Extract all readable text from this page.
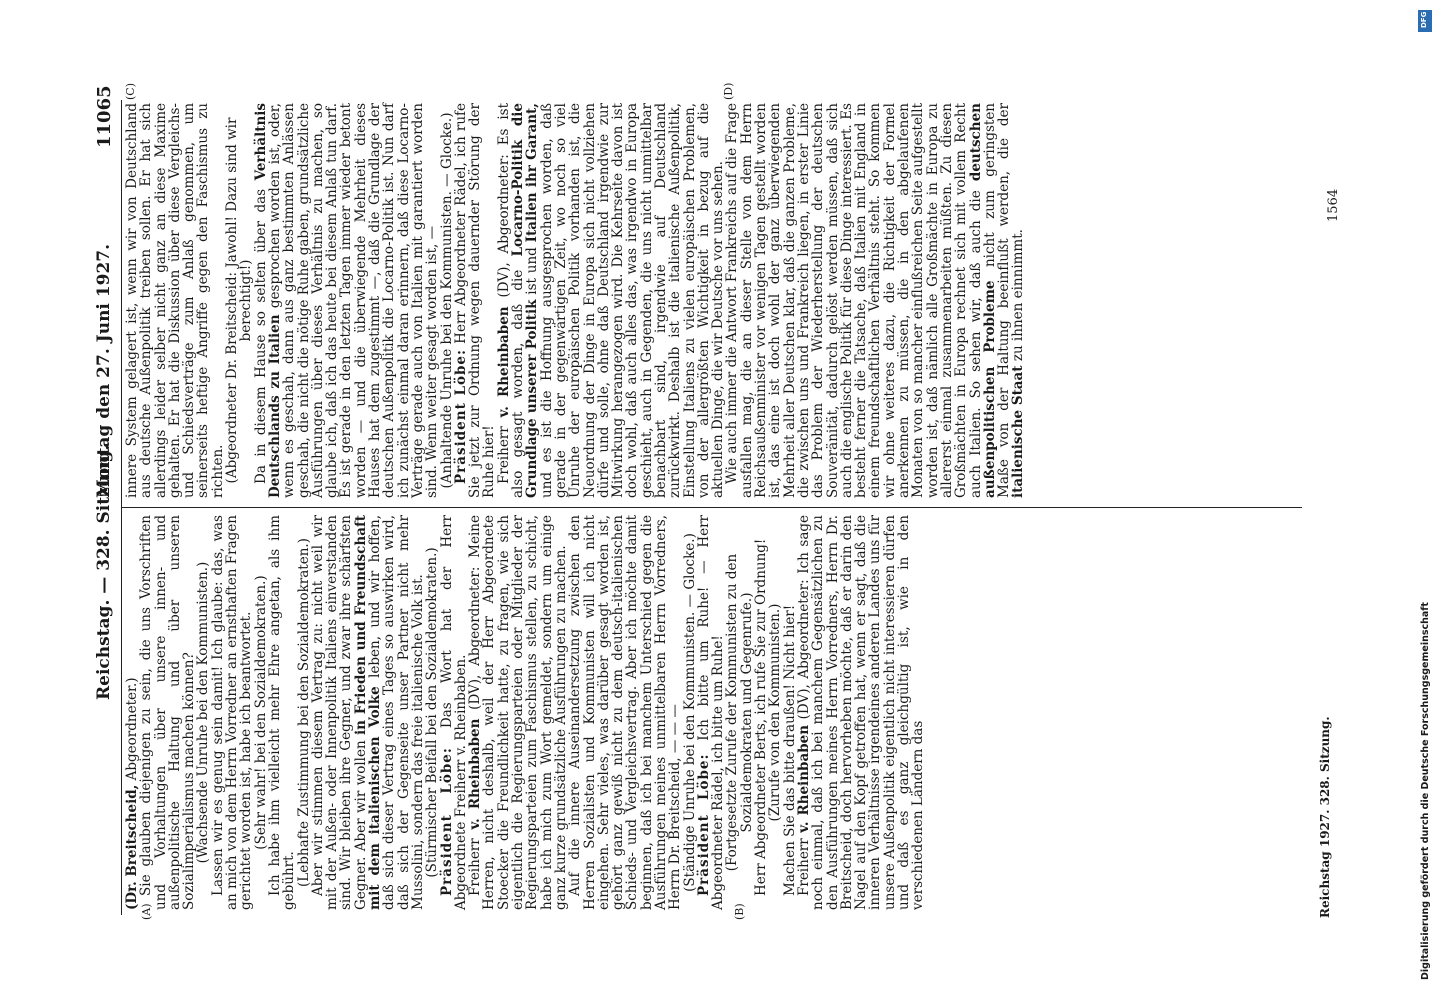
Reichstag. — 328. Sitzung.
Montag den 27. Juni 1927.
11065
(A)	(B)
(C)	(D)

(Dr. Breitscheid, Abgeordneter.)

Sie glauben diejenigen zu sein, die uns Vorschriften und Vorhaltungen über unsere innen- und außenpolitische Haltung und über unseren Sozialimperialismus machen können?

(Wachsende Unruhe bei den Kommunisten.)

Lassen wir es genug sein damit! Ich glaube: das, was an mich von dem Herrn Vorredner an ernsthaften Fragen gerichtet worden ist, habe ich beantwortet.

(Sehr wahr! bei den Sozialdemokraten.)

Ich habe ihm vielleicht mehr Ehre angetan, als ihm gebührt.

(Lebhafte Zustimmung bei den Sozialdemokraten.)

Aber wir stimmen diesem Vertrag zu: nicht weil wir mit der Außen- oder Innenpolitik Italiens einverstanden sind. Wir bleiben ihre Gegner, und zwar ihre schärfsten Gegner. Aber wir wollen in Frieden und Freundschaft mit dem italienischen Volke leben, und wir hoffen, daß sich dieser Vertrag eines Tages so auswirken wird, daß sich der Gegenseite unser Partner nicht mehr Mussolini, sondern das freie italienische Volk ist.

(Stürmischer Beifall bei den Sozialdemokraten.)

Präsident Löbe: Das Wort hat der Herr Abgeordnete Freiherr v. Rheinbaben.

Freiherr v. Rheinbaben (DV), Abgeordneter: Meine Herren, nicht deshalb, weil der Herr Abgeordnete Stoecker die Freundlichkeit hatte, zu fragen, wie sich eigentlich die Regierungsparteien oder Mitglieder der Regierungsparteien zum Faschismus stellen, zu schicht, habe ich mich zum Wort gemeldet, sondern um einige ganz kurze grundsätzliche Ausführungen zu machen.

Auf die innere Auseinandersetzung zwischen den Herren Sozialisten und Kommunisten will ich nicht eingehen. Sehr vieles, was darüber gesagt worden ist, gehört ganz gewiß nicht zu dem deutsch-italienischen Schieds- und Vergleichsvertrag. Aber ich möchte damit beginnen, daß ich bei manchem Unterschied gegen die Ausführungen meines unmittelbaren Herrn Vorredners, Herrn Dr. Breitscheid, — — —

(Ständige Unruhe bei den Kommunisten. — Glocke.)

Präsident Löbe: Ich bitte um Ruhe! — Herr Abgeordneter Rädel, ich bitte um Ruhe!

(Fortgesetzte Zurufe der Kommunisten zu den Sozialdemokraten und Gegenrufe.)

Herr Abgeordneter Berts, ich rufe Sie zur Ordnung!

(Zurufe von den Kommunisten.)

Machen Sie das bitte draußen! Nicht hier!

Freiherr v. Rheinbaben (DV), Abgeordneter: Ich sage noch einmal, daß ich bei manchem Gegensätzlichen zu den Ausführungen meines Herrn Vorredners, Herrn Dr. Breitscheid, doch hervorheben möchte, daß er darin den Nagel auf den Kopf getroffen hat, wenn er sagt, daß die inneren Verhältnisse irgendeines anderen Landes uns für unsere Außenpolitik eigentlich nicht interessieren dürfen und daß es ganz gleichgültig ist, wie in den verschiedenen Ländern das

innere System gelagert ist, wenn wir von Deutschland aus deutsche Außenpolitik treiben sollen. Er hat sich allerdings leider selber nicht ganz an diese Maxime gehalten. Er hat die Diskussion über diese Vergleichs- und Schiedsverträge zum Anlaß genommen, um seinerseits heftige Angriffe gegen den Faschismus zu richten.

(Abgeordneter Dr. Breitscheid: Jawohl! Dazu sind wir berechtigt!)

Da in diesem Hause so selten über das Verhältnis Deutschlands zu Italien gesprochen worden ist, oder, wenn es geschah, dann aus ganz bestimmten Anlässen geschah, die nicht die nötige Ruhe gaben, grundsätzliche Ausführungen über dieses Verhältnis zu machen, so glaube ich, daß ich das heute bei diesem Anlaß tun darf. Es ist gerade in den letzten Tagen immer wieder betont worden — und die überwiegende Mehrheit dieses Hauses hat dem zugestimmt —, daß die Grundlage der deutschen Außenpolitik die Locarno-Politik ist. Nun darf ich zunächst einmal daran erinnern, daß diese Locarno-Verträge gerade auch von Italien mit garantiert worden sind. Wenn weiter gesagt worden ist, —

(Anhaltende Unruhe bei den Kommunisten. — Glocke.)

Präsident Löbe: Herr Abgeordneter Rädel, ich rufe Sie jetzt zur Ordnung wegen dauernder Störung der Ruhe hier!

Freiherr v. Rheinbaben (DV), Abgeordneter: Es ist also gesagt worden, daß die Locarno-Politik die Grundlage unserer Politik ist und Italien ihr Garant, und es ist die Hoffnung ausgesprochen worden, daß gerade in der gegenwärtigen Zeit, wo noch so viel Unruhe der europäischen Politik vorhanden ist, die Neuordnung der Dinge in Europa sich nicht vollziehen dürfe und solle, ohne daß Deutschland irgendwie zur Mitwirkung herangezogen wird. Die Kehrseite davon ist doch wohl, daß auch alles das, was irgendwo in Europa geschieht, auch in Gegenden, die uns nicht unmittelbar benachbart sind, irgendwie auf Deutschland zurückwirkt. Deshalb ist die italienische Außenpolitik, Einstellung Italiens zu vielen europäischen Problemen, von der allergrößten Wichtigkeit in bezug auf die aktuellen Dinge, die wir Deutsche vor uns sehen.

Wie auch immer die Antwort Frankreichs auf die Frage ausfallen mag, die an dieser Stelle von dem Herrn Reichsaußenminister vor wenigen Tagen gestellt worden ist, das eine ist doch wohl der ganz überwiegenden Mehrheit aller Deutschen klar, daß die ganzen Probleme, die zwischen uns und Frankreich liegen, in erster Linie das Problem der Wiederherstellung der deutschen Souveränität, dadurch gelöst werden müssen, daß sich auch die englische Politik für diese Dinge interessiert. Es besteht ferner die Tatsache, daß Italien mit England in einem freundschaftlichen Verhältnis steht. So kommen wir ohne weiteres dazu, die Richtigkeit der Formel anerkennen zu müssen, die in den abgelaufenen Monaten von so mancher einflußreichen Seite aufgestellt worden ist, daß nämlich alle Großmächte in Europa zu allererst einmal zusammenarbeiten müßten. Zu diesen Großmächten in Europa rechnet sich mit vollem Recht auch Italien. So sehen wir, daß auch die deutschen außenpolitischen Probleme nicht zum geringsten Maße von der Haltung beeinflußt werden, die der italienische Staat zu ihnen einnimmt.

Reichstag 1927. 328. Sitzung.
1564
Digitalisierung gefördert durch die Deutsche Forschungsgemeinschaft
DFG
